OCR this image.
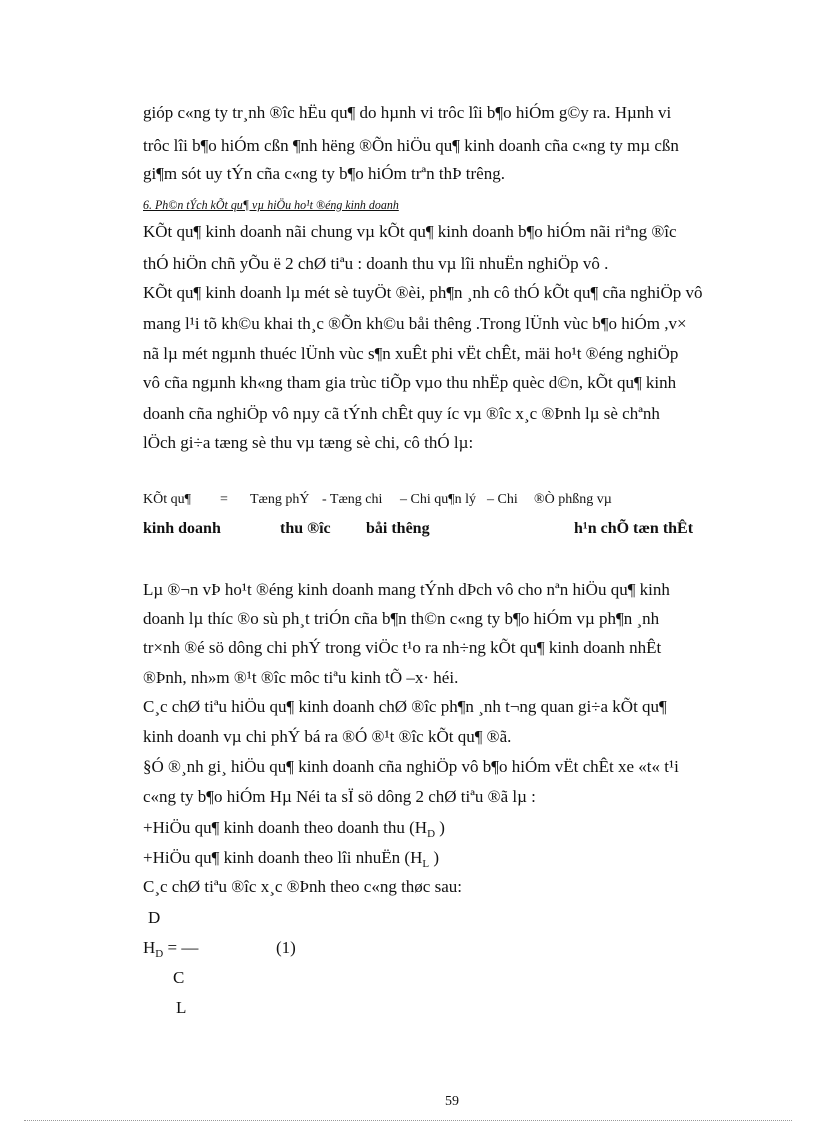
gióp c«ng ty tr¸nh ®îc hËu qu¶ do hµnh vi trôc lîi b¶o hiÓm g©y ra. Hµnh vi
trôc lîi b¶o hiÓm cßn ¶nh hëng ®Õn hiÖu qu¶ kinh doanh cña c«ng ty mµ cßn
gi¶m sót uy tÝn cña c«ng ty b¶o hiÓm trªn thÞ trêng.
6. Ph©n tÝch kÕt qu¶ vµ hiÖu ho¹t ®éng kinh doanh
KÕt qu¶ kinh doanh nãi chung vµ kÕt qu¶ kinh doanh b¶o hiÓm nãi riªng ®îc
thÓ hiÖn chñ yÕu ë 2 chØ tiªu : doanh thu vµ lîi nhuËn nghiÖp vô .
KÕt qu¶ kinh doanh lµ mét sè tuyÖt ®èi, ph¶n ¸nh cô thÓ kÕt qu¶ cña nghiÖp vô
mang l¹i tõ kh©u khai th¸c ®Õn kh©u båi thêng .Trong lÜnh vùc b¶o hiÓm ,v×
nã lµ mét ngµnh thuéc lÜnh vùc s¶n xuÊt phi vËt chÊt, mäi ho¹t ®éng nghiÖp
vô cña ngµnh kh«ng tham gia trùc tiÕp vµo thu nhËp quèc d©n, kÕt qu¶ kinh
doanh cña nghiÖp vô nµy cã tÝnh chÊt quy íc vµ ®îc x¸c ®Þnh lµ sè chªnh
lÖch gi÷a tæng sè thu vµ tæng sè chi, cô thÓ lµ:
KÕt qu¶ = Tæng phÝ - Tæng chi – Chi qu¶n lý – Chi ®Ò phßng vµ
kinh doanh	thu ®îc båi thêng	h¹n chÕ tæn thÊt
Lµ ®¬n vÞ ho¹t ®éng kinh doanh mang tÝnh dÞch vô cho nªn hiÖu qu¶ kinh
doanh lµ thíc ®o sù ph¸t triÓn cña b¶n th©n c«ng ty b¶o hiÓm vµ ph¶n ¸nh
tr×nh ®é sö dông chi phÝ trong viÖc t¹o ra nh÷ng kÕt qu¶ kinh doanh nhÊt
®Þnh, nh»m ®¹t ®îc môc tiªu kinh tÕ –x· héi.
C¸c chØ tiªu hiÖu qu¶ kinh doanh chØ ®îc ph¶n ¸nh t¬ng quan gi÷a kÕt qu¶
kinh doanh vµ chi phÝ bá ra ®Ó ®¹t ®îc kÕt qu¶ ®ã.
§Ó ®¸nh gi¸ hiÖu qu¶ kinh doanh cña nghiÖp vô b¶o hiÓm vËt chÊt xe «t« t¹i
c«ng ty b¶o hiÓm Hµ Néi ta sÏ sö dông 2 chØ tiªu ®ã lµ :
+HiÖu qu¶ kinh doanh theo doanh thu ($H_D$ )
+HiÖu qu¶ kinh doanh theo lîi nhuËn ($H_L$ )
C¸c chØ tiªu ®îc x¸c ®Þnh theo c«ng thøc sau:
D
$H_D$ = —	(1)
C
L
59
